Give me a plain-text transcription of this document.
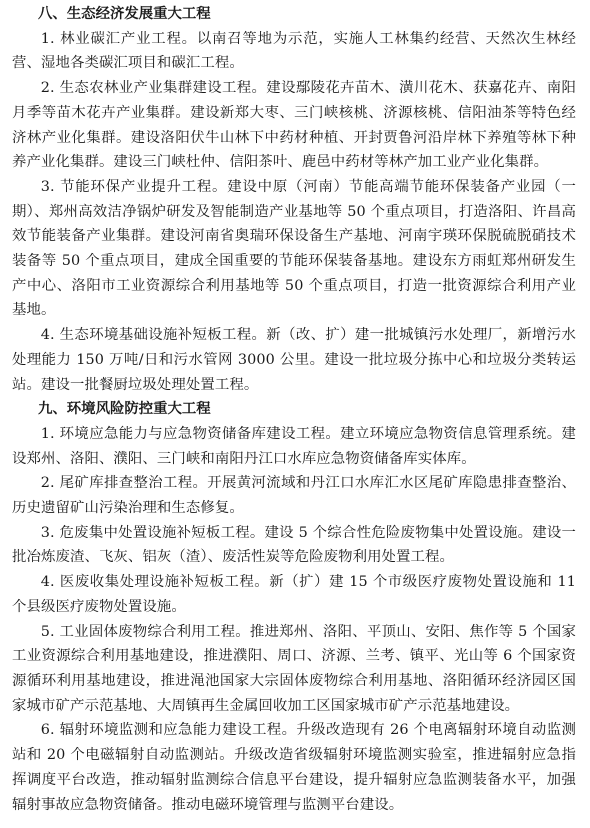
八、生态经济发展重大工程

1. 林业碳汇产业工程。以南召等地为示范，实施人工林集约经营、天然次生林经营、湿地各类碳汇项目和碳汇工程。

2. 生态农林业产业集群建设工程。建设鄢陵花卉苗木、潢川花木、获嘉花卉、南阳月季等苗木花卉产业集群。建设新郑大枣、三门峡核桃、济源核桃、信阳油茶等特色经济林产业化集群。建设洛阳伏牛山林下中药材种植、开封贾鲁河沿岸林下养殖等林下种养产业化集群。建设三门峡杜仲、信阳茶叶、鹿邑中药材等林产加工业产业化集群。

3. 节能环保产业提升工程。建设中原（河南）节能高端节能环保装备产业园（一期）、郑州高效洁净锅炉研发及智能制造产业基地等 50 个重点项目，打造洛阳、许昌高效节能装备产业集群。建设河南省奥瑞环保设备生产基地、河南宇瑛环保脱硫脱硝技术装备等 50 个重点项目，建成全国重要的节能环保装备基地。建设东方雨虹郑州研发生产中心、洛阳市工业资源综合利用基地等 50 个重点项目，打造一批资源综合利用产业基地。

4. 生态环境基础设施补短板工程。新（改、扩）建一批城镇污水处理厂，新增污水处理能力 150 万吨/日和污水管网 3000 公里。建设一批垃圾分拣中心和垃圾分类转运站。建设一批餐厨垃圾处理处置工程。

九、环境风险防控重大工程

1. 环境应急能力与应急物资储备库建设工程。建立环境应急物资信息管理系统。建设郑州、洛阳、濮阳、三门峡和南阳丹江口水库应急物资储备库实体库。

2. 尾矿库排查整治工程。开展黄河流域和丹江口水库汇水区尾矿库隐患排查整治、历史遗留矿山污染治理和生态修复。

3. 危废集中处置设施补短板工程。建设 5 个综合性危险废物集中处置设施。建设一批冶炼废渣、飞灰、铝灰（渣）、废活性炭等危险废物利用处置工程。

4. 医废收集处理设施补短板工程。新（扩）建 15 个市级医疗废物处置设施和 11 个县级医疗废物处置设施。

5. 工业固体废物综合利用工程。推进郑州、洛阳、平顶山、安阳、焦作等 5 个国家工业资源综合利用基地建设，推进濮阳、周口、济源、兰考、镇平、光山等 6 个国家资源循环利用基地建设，推进渑池国家大宗固体废物综合利用基地、洛阳循环经济园区国家城市矿产示范基地、大周镇再生金属回收加工区国家城市矿产示范基地建设。

6. 辐射环境监测和应急能力建设工程。升级改造现有 26 个电离辐射环境自动监测站和 20 个电磁辐射自动监测站。升级改造省级辐射环境监测实验室，推进辐射应急指挥调度平台改造，推动辐射监测综合信息平台建设，提升辐射应急监测装备水平，加强辐射事故应急物资储备。推动电磁环境管理与监测平台建设。
